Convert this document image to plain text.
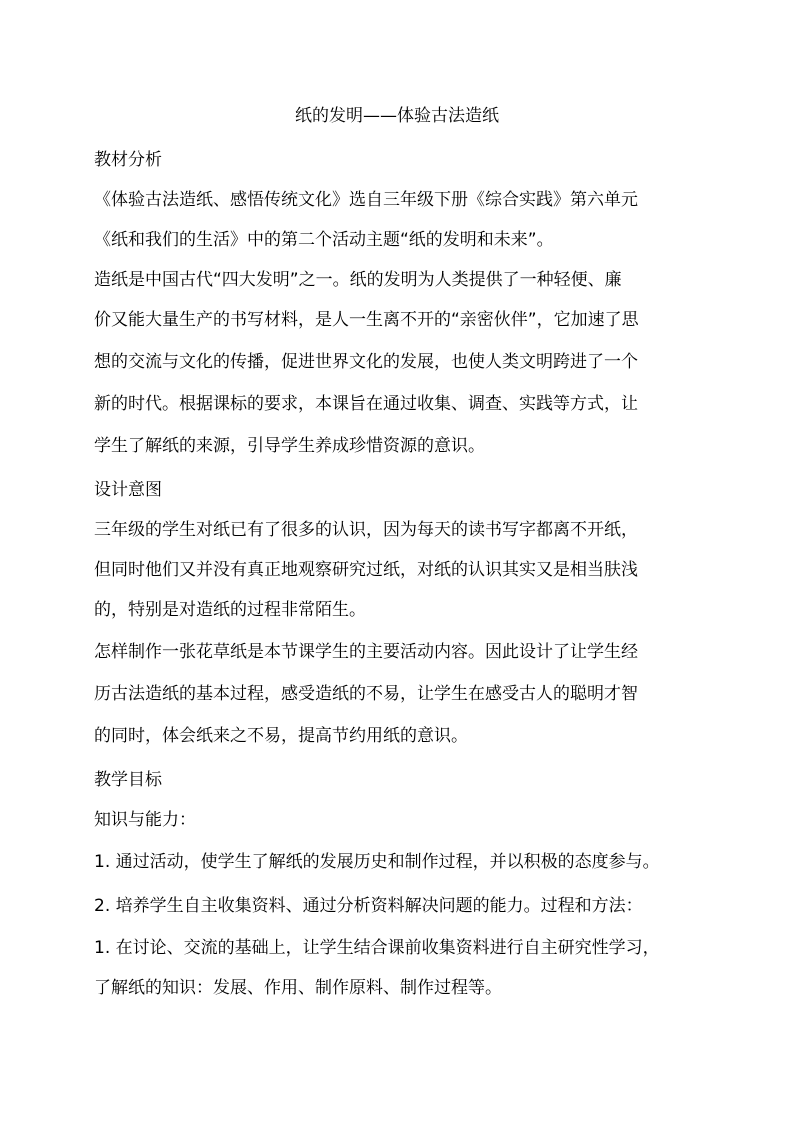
纸的发明——体验古法造纸
教材分析
《体验古法造纸、感悟传统文化》选自三年级下册《综合实践》第六单元
《纸和我们的生活》中的第二个活动主题“纸的发明和未来”。
造纸是中国古代“四大发明”之一。纸的发明为人类提供了一种轻便、廉
价又能大量生产的书写材料，是人一生离不开的“亲密伙伴”，它加速了思
想的交流与文化的传播，促进世界文化的发展，也使人类文明跨进了一个
新的时代。根据课标的要求，本课旨在通过收集、调查、实践等方式，让
学生了解纸的来源，引导学生养成珍惜资源的意识。
设计意图
三年级的学生对纸已有了很多的认识，因为每天的读书写字都离不开纸，
但同时他们又并没有真正地观察研究过纸，对纸的认识其实又是相当肤浅
的，特别是对造纸的过程非常陌生。
怎样制作一张花草纸是本节课学生的主要活动内容。因此设计了让学生经
历古法造纸的基本过程，感受造纸的不易，让学生在感受古人的聪明才智
的同时，体会纸来之不易，提高节约用纸的意识。
教学目标
知识与能力：
1. 通过活动，使学生了解纸的发展历史和制作过程，并以积极的态度参与。
2. 培养学生自主收集资料、通过分析资料解决问题的能力。过程和方法：
1. 在讨论、交流的基础上，让学生结合课前收集资料进行自主研究性学习，
了解纸的知识：发展、作用、制作原料、制作过程等。
